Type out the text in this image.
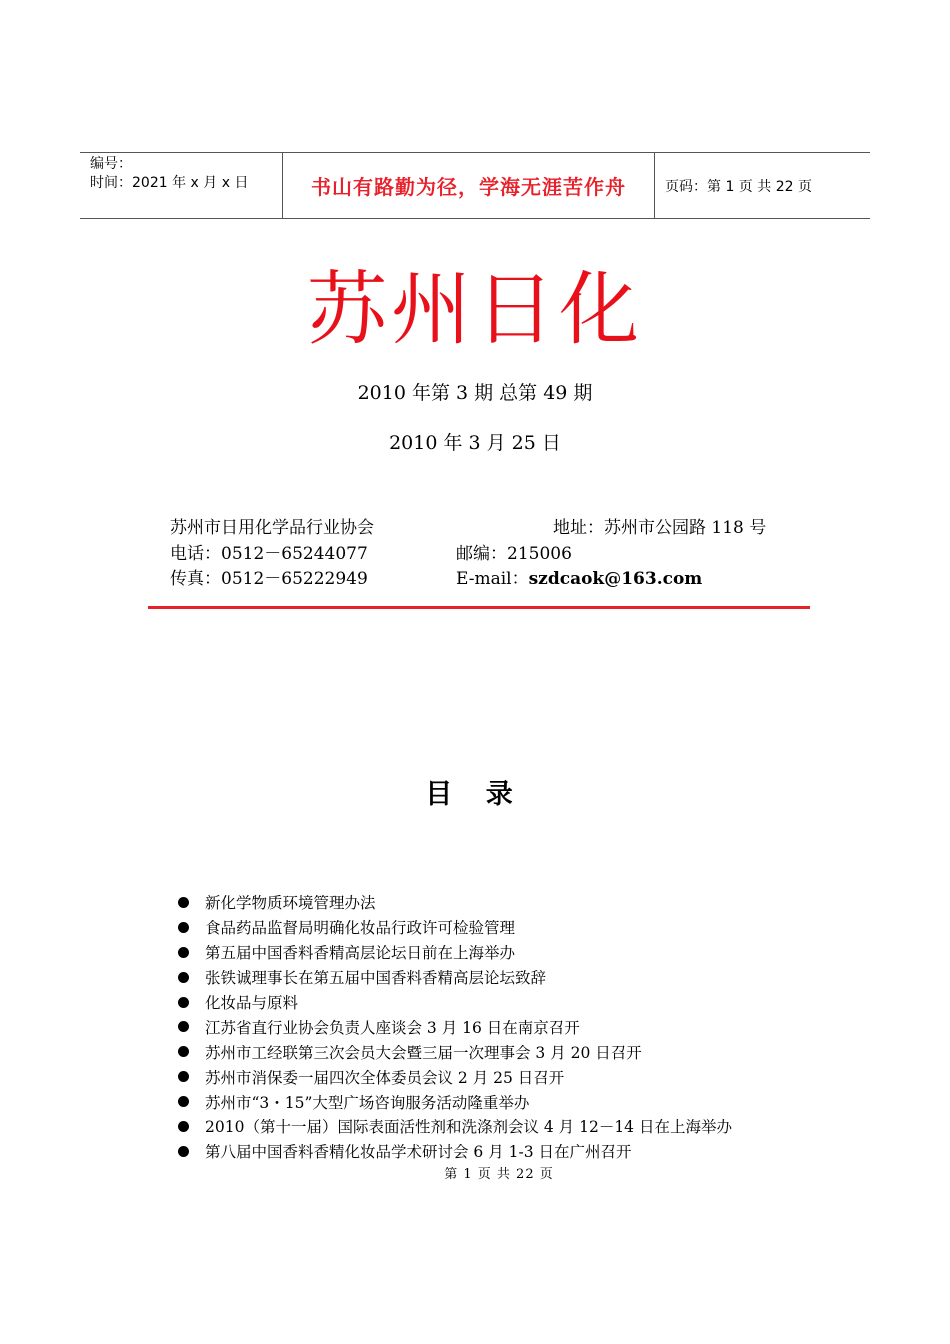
编号：
时间：2021 年 x 月 x 日	书山有路勤为径，学海无涯苦作舟	页码：第 1 页 共 22 页
苏州日化
2010 年第 3 期 总第 49 期
2010 年 3 月 25 日
苏州市日用化学品行业协会	地址：苏州市公园路 118 号
电话：0512－65244077	邮编：215006
传真：0512－65222949	E-mail：szdcaok@163.com
目 录
新化学物质环境管理办法
食品药品监督局明确化妆品行政许可检验管理
第五届中国香料香精高层论坛日前在上海举办
张铁诚理事长在第五届中国香料香精高层论坛致辞
化妆品与原料
江苏省直行业协会负责人座谈会 3 月 16 日在南京召开
苏州市工经联第三次会员大会暨三届一次理事会 3 月 20 日召开
苏州市消保委一届四次全体委员会议 2 月 25 日召开
苏州市“3・15”大型广场咨询服务活动隆重举办
2010（第十一届）国际表面活性剂和洗涤剂会议 4 月 12－14 日在上海举办
第八届中国香料香精化妆品学术研讨会 6 月 1-3 日在广州召开
第 1 页 共 22 页
